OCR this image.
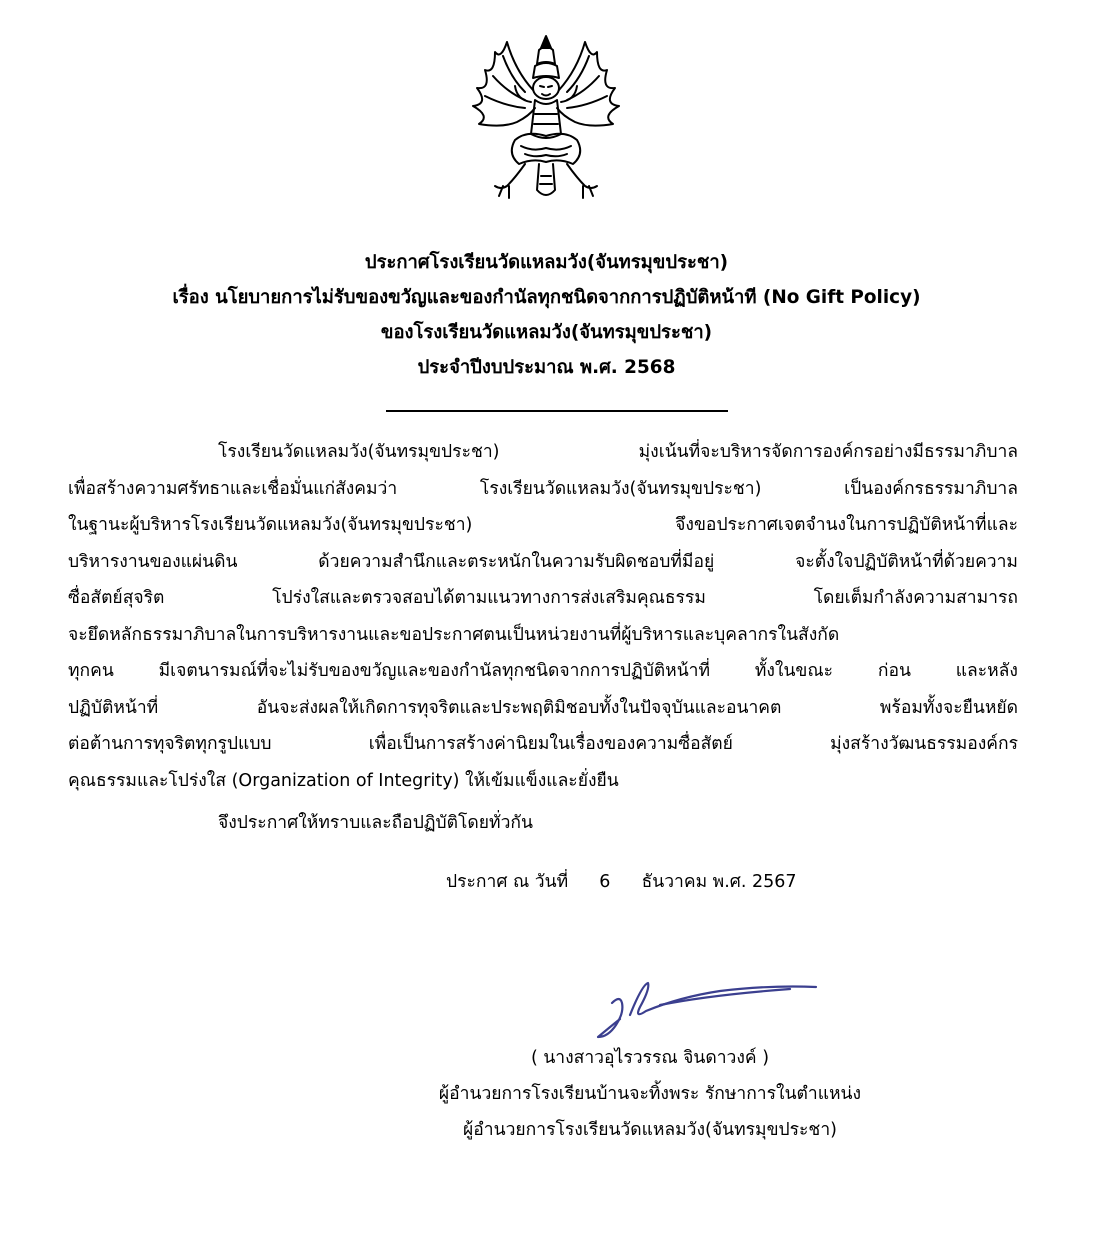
ประกาศโรงเรียนวัดแหลมวัง(จันทรมุขประชา)
เรื่อง นโยบายการไม่รับของขวัญและของกำนัลทุกชนิดจากการปฏิบัติหน้าที (No Gift Policy)
ของโรงเรียนวัดแหลมวัง(จันทรมุขประชา)
ประจำปีงบประมาณ พ.ศ. 2568
โรงเรียนวัดแหลมวัง(จันทรมุขประชา)	มุ่งเน้นที่จะบริหารจัดการองค์กรอย่างมีธรรมาภิบาล
เพื่อสร้างความศรัทธาและเชื่อมั่นแก่สังคมว่า	โรงเรียนวัดแหลมวัง(จันทรมุขประชา)	เป็นองค์กรธรรมาภิบาล
ในฐานะผู้บริหารโรงเรียนวัดแหลมวัง(จันทรมุขประชา)	จึงขอประกาศเจตจำนงในการปฏิบัติหน้าที่และ
บริหารงานของแผ่นดิน	ด้วยความสำนึกและตระหนักในความรับผิดชอบที่มีอยู่	จะตั้งใจปฏิบัติหน้าที่ด้วยความ
ซื่อสัตย์สุจริต	โปร่งใสและตรวจสอบได้ตามแนวทางการส่งเสริมคุณธรรม	โดยเต็มกำลังความสามารถ
จะยึดหลักธรรมาภิบาลในการบริหารงานและขอประกาศตนเป็นหน่วยงานที่ผู้บริหารและบุคลากรในสังกัด
ทุกคน	มีเจตนารมณ์ที่จะไม่รับของขวัญและของกำนัลทุกชนิดจากการปฏิบัติหน้าที่	ทั้งในขณะ	ก่อน	และหลัง
ปฏิบัติหน้าที่	อันจะส่งผลให้เกิดการทุจริตและประพฤติมิชอบทั้งในปัจจุบันและอนาคต	พร้อมทั้งจะยืนหยัด
ต่อต้านการทุจริตทุกรูปแบบ	เพื่อเป็นการสร้างค่านิยมในเรื่องของความซื่อสัตย์	มุ่งสร้างวัฒนธรรมองค์กร
คุณธรรมและโปร่งใส (Organization of Integrity) ให้เข้มแข็งและยั่งยืน
จึงประกาศให้ทราบและถือปฏิบัติโดยทั่วกัน
ประกาศ ณ วันที่ 6 ธันวาคม พ.ศ. 2567
( นางสาวอุไรวรรณ จินดาวงค์ )
ผู้อำนวยการโรงเรียนบ้านจะทิ้งพระ รักษาการในตำแหน่ง
ผู้อำนวยการโรงเรียนวัดแหลมวัง(จันทรมุขประชา)
